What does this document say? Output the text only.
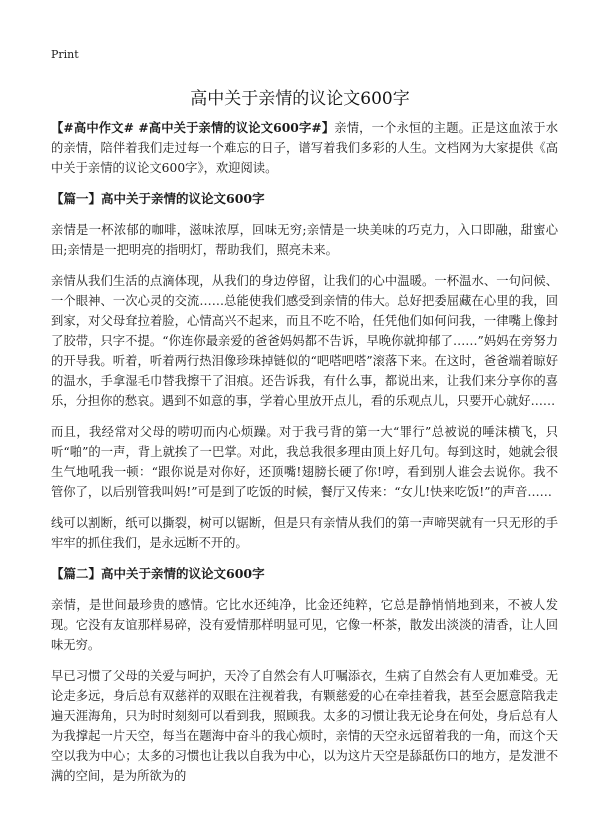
Print
高中关于亲情的议论文600字

【#高中作文# #高中关于亲情的议论文600字#】亲情，一个永恒的主题。正是这血浓于水的亲情，陪伴着我们走过每一个难忘的日子，谱写着我们多彩的人生。文档网为大家提供《高中关于亲情的议论文600字》，欢迎阅读。

【篇一】高中关于亲情的议论文600字

亲情是一杯浓郁的咖啡，滋味浓厚，回味无穷;亲情是一块美味的巧克力，入口即融，甜蜜心田;亲情是一把明亮的指明灯，帮助我们，照亮未来。

亲情从我们生活的点滴体现，从我们的身边停留，让我们的心中温暖。一杯温水、一句问候、一个眼神、一次心灵的交流……总能使我们感受到亲情的伟大。总好把委屈藏在心里的我，回到家，对父母耷拉着脸，心情高兴不起来，而且不吃不哈，任凭他们如何问我，一律嘴上像封了胶带，只字不提。“你连你最亲爱的爸爸妈妈都不告诉，早晚你就抑郁了……”妈妈在旁努力的开导我。听着，听着两行热泪像珍珠掉链似的“吧嗒吧嗒”滚落下来。在这时，爸爸端着晾好的温水，手拿湿毛巾替我擦干了泪痕。还告诉我，有什么事，都说出来，让我们来分享你的喜乐，分担你的愁哀。遇到不如意的事，学着心里放开点儿，看的乐观点儿，只要开心就好……

而且，我经常对父母的唠叨而内心烦躁。对于我弓背的第一大“罪行”总被说的唾沫横飞，只听“啪”的一声，背上就挨了一巴掌。对此，我总我很多理由顶上好几句。每到这时，她就会很生气地吼我一顿：“跟你说是对你好，还顶嘴!翅膀长硬了你!哼，看到别人谁会去说你。我不管你了，以后别管我叫妈!”可是到了吃饭的时候，餐厅又传来：“女儿!快来吃饭!”的声音……

线可以割断，纸可以撕裂，树可以锯断，但是只有亲情从我们的第一声啼哭就有一只无形的手牢牢的抓住我们，是永远断不开的。

【篇二】高中关于亲情的议论文600字

亲情，是世间最珍贵的感情。它比水还纯净，比金还纯粹，它总是静悄悄地到来，不被人发现。它没有友谊那样易碎，没有爱情那样明显可见，它像一杯茶，散发出淡淡的清香，让人回味无穷。

早已习惯了父母的关爱与呵护，天冷了自然会有人叮嘱添衣，生病了自然会有人更加难受。无论走多远，身后总有双慈祥的双眼在注视着我，有颗慈爱的心在牵挂着我，甚至会愿意陪我走遍天涯海角，只为时时刻刻可以看到我，照顾我。太多的习惯让我无论身在何处，身后总有人为我撑起一片天空，每当在题海中奋斗的我心烦时，亲情的天空永远留着我的一角，而这个天空以我为中心；太多的习惯也让我以自我为中心，以为这片天空是舔舐伤口的地方，是发泄不满的空间，是为所欲为的
